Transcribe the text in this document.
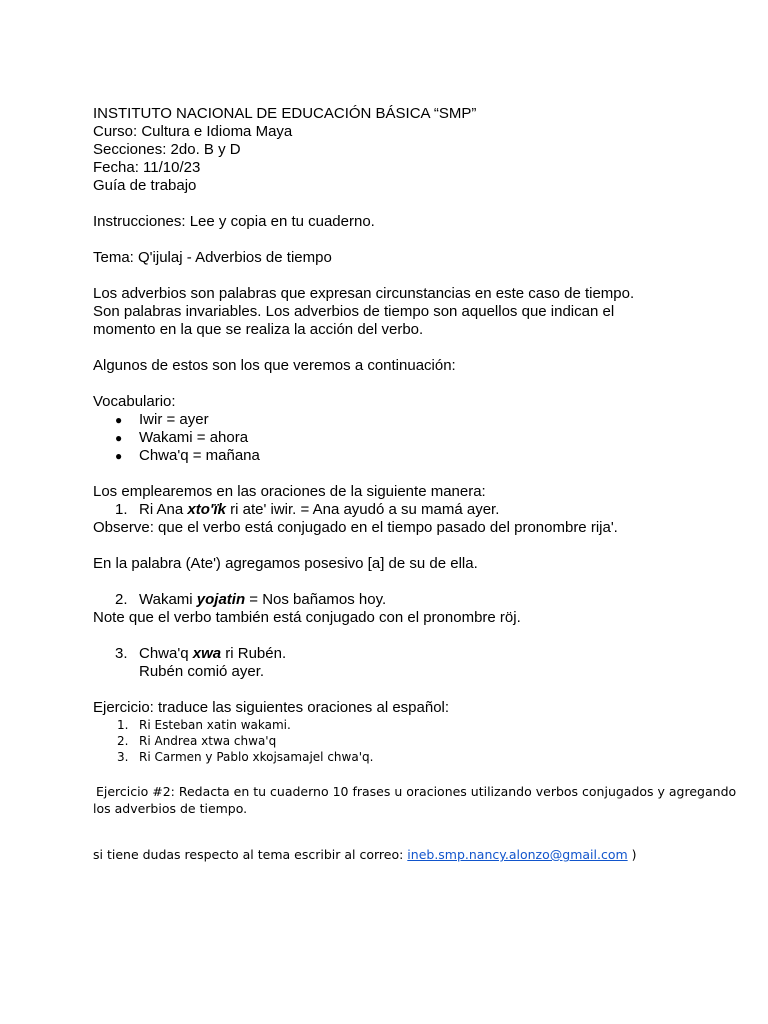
INSTITUTO NACIONAL DE EDUCACIÓN BÁSICA “SMP”
Curso: Cultura e Idioma Maya
Secciones: 2do. B y D
Fecha: 11/10/23
Guía de trabajo
Instrucciones: Lee y copia en tu cuaderno.
Tema: Q'ijulaj - Adverbios de tiempo
Los adverbios son palabras que expresan circunstancias en este caso de tiempo.
Son palabras invariables. Los adverbios de tiempo son aquellos que indican el
momento en la que se realiza la acción del verbo.
Algunos de estos son los que veremos a continuación:
Vocabulario:
● Iwir = ayer
● Wakami = ahora
● Chwa'q = mañana
Los emplearemos en las oraciones de la siguiente manera:
1. Ri Ana xto'ïk ri ate' iwir. = Ana ayudó a su mamá ayer.
Observe: que el verbo está conjugado en el tiempo pasado del pronombre rija'.
En la palabra (Ate') agregamos posesivo [a] de su de ella.
2. Wakami yojatin = Nos bañamos hoy.
Note que el verbo también está conjugado con el pronombre röj.
3. Chwa'q xwa ri Rubén.
Rubén comió ayer.
Ejercicio: traduce las siguientes oraciones al español:
1. Ri Esteban xatin wakami.
2. Ri Andrea xtwa chwa'q
3. Ri Carmen y Pablo xkojsamajel chwa'q.
Ejercicio #2: Redacta en tu cuaderno 10 frases u oraciones utilizando verbos conjugados y agregando
los adverbios de tiempo.
si tiene dudas respecto al tema escribir al correo: ineb.smp.nancy.alonzo@gmail.com )
